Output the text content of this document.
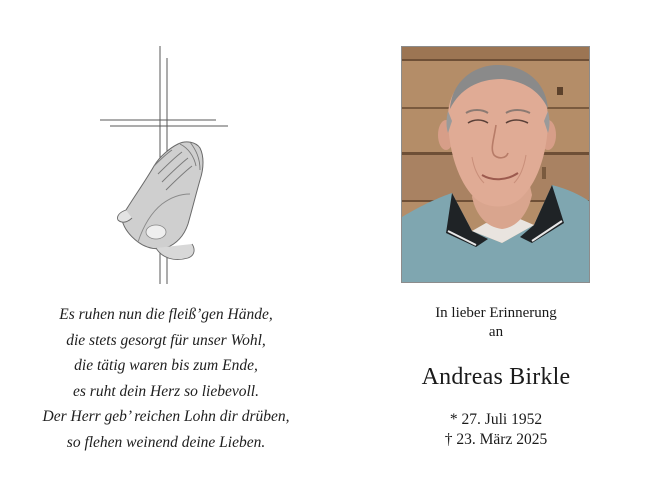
Es ruhen nun die fleiß’gen Hände,
die stets gesorgt für unser Wohl,
die tätig waren bis zum Ende,
es ruht dein Herz so liebevoll.
Der Herr geb’ reichen Lohn dir drüben,
so flehen weinend deine Lieben.
In lieber Erinnerung
an
Andreas Birkle
* 27. Juli 1952
† 23. März 2025
